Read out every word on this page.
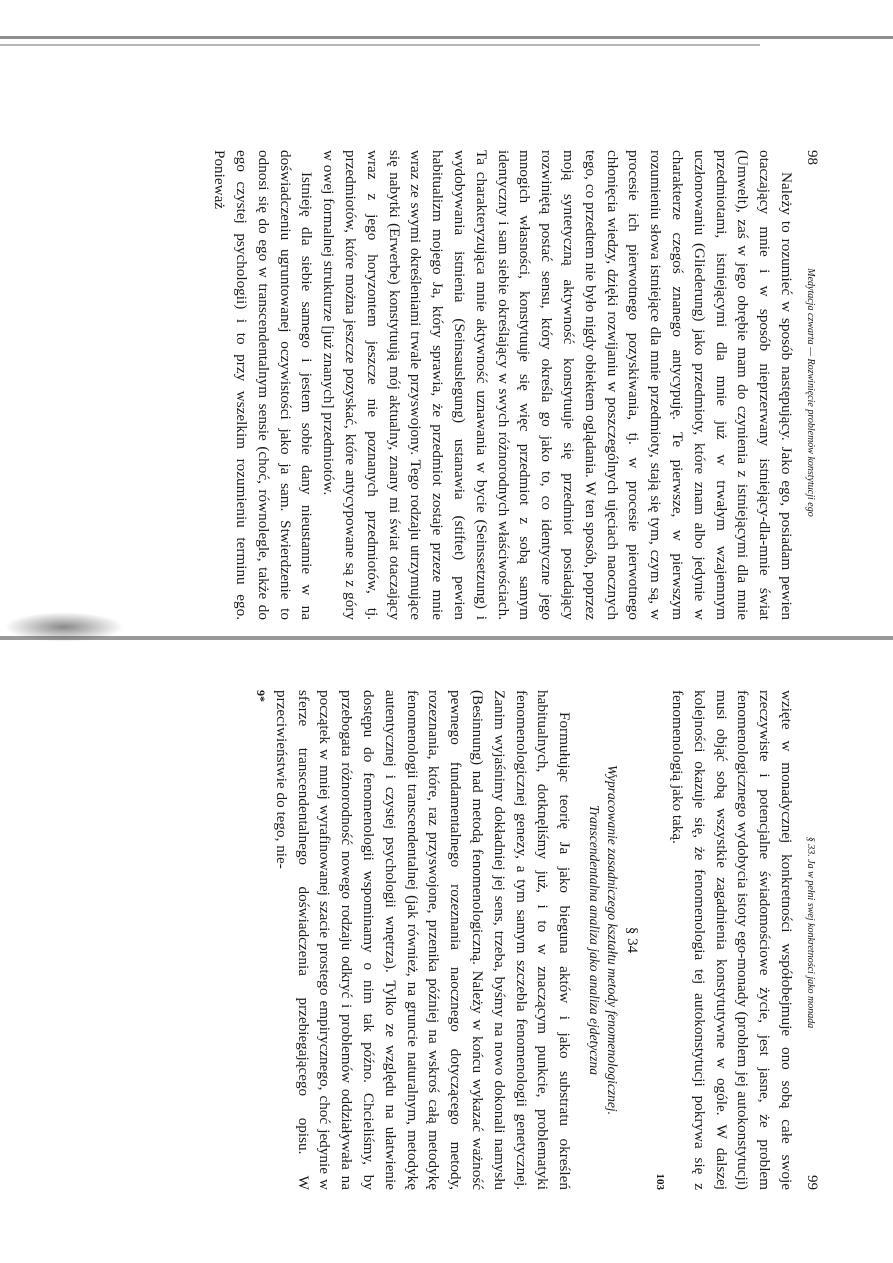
98
Medytacja czwarta — Rozwinięcie problemów konstytucji ego

Należy to rozumieć w sposób następujący. Jako ego, posiadam pewien otaczający mnie i w sposób nieprzerwany istniejący-dla-mnie świat (Umwelt), zaś w jego obrębie mam do czynienia z istniejącymi dla mnie przedmiotami, istniejącymi dla mnie już w trwałym wzajemnym uczłonowaniu (Gliederung) jako przedmioty, które znam albo jedynie w charakterze czegoś znanego antycypuję. Te pierwsze, w pierwszym rozumieniu słowa istniejące dla mnie przedmioty, stają się tym, czym są, w procesie ich pierwotnego pozyskiwania, tj. w procesie pierwotnego chłonięcia wiedzy, dzięki rozwijaniu w poszczególnych ujęciach naocznych tego, co przedtem nie było nigdy obiektem oglądania. W ten sposób, poprzez moją syntetyczną aktywność konstytuuje się przedmiot posiadający rozwiniętą postać sensu, który określa go jako to, co identyczne jego mnogich własności, konstytuuje się więc przedmiot z sobą samym identyczny i sam siebie określający w swych różnorodnych właściwościach. Ta charakteryzująca mnie aktywność uznawania w bycie (Seinssetzung) i wydobywania istnienia (Seinsauslegung) ustanawia (stiftet) pewien habitualizm mojego Ja, który sprawia, że przedmiot zostaje przeze mnie wraz ze swymi określeniami trwale przyswojony. Tego rodzaju utrzymujące się nabytki (Erwerbe) konstytuują mój aktualny, znany mi świat otaczający wraz z jego horyzontem jeszcze nie poznanych przedmiotów, tj. przedmiotów, które można jeszcze pozyskać, które antycypowane są z góry w owej formalnej strukturze [już znanych] przedmiotów.

Istnieję dla siebie samego i jestem sobie dany nieustannie w na doświadczeniu ugruntowanej oczywistości jako ja sam. Stwierdzenie to odnosi się do ego w transcendentalnym sensie (choć, równolegle, także do ego czystej psychologii) i to przy wszelkim rozumieniu terminu ego. Ponieważ

§ 33. Ja w pełni swej konkretności jako monada
99

wzięte w monadycznej konkretności współobejmuje ono sobą całe swoje rzeczywiste i potencjalne świadomościowe życie, jest jasne, że problem fenomenologicznego wydobycia istoty ego-monady (problem jej autokonstytucji) musi objąć sobą wszystkie zagadnienia konstytutywne w ogóle. W dalszej kolejności okazuje się, że fenomenologia tej autokonstytucji pokrywa się z fenomenologią jako taką.

103
§ 34
Wypracowanie zasadniczego kształtu metody fenomenologicznej. Transcendentalna analiza jako analiza ejdetyczna

Formułując teorię Ja jako bieguna aktów i jako substratu określeń habitualnych, dotknęliśmy już, i to w znaczącym punkcie, problematyki fenomenologicznej genezy, a tym samym szczebla fenomenologii genetycznej. Zanim wyjaśnimy dokładniej jej sens, trzeba, byśmy na nowo dokonali namysłu (Besinnung) nad metodą fenomenologiczną. Należy w końcu wykazać ważność pewnego fundamentalnego rozeznania naocznego dotyczącego metody, rozeznania, które, raz przyswojone, przenika później na wskroś całą metodykę fenomenologii transcendentalnej (jak również, na gruncie naturalnym, metodykę autentycznej i czystej psychologii wnętrza). Tylko ze względu na ułatwienie dostępu do fenomenologii wspominamy o nim tak późno. Chcieliśmy, by przebogata różnorodność nowego rodzaju odkryć i problemów oddziaływała na początek w mniej wyrafinowanej szacie prostego empirycznego, choć jedynie w sferze transcendentalnego doświadczenia przebiegającego opisu. W przeciwieństwie do tego, nie-

9*
